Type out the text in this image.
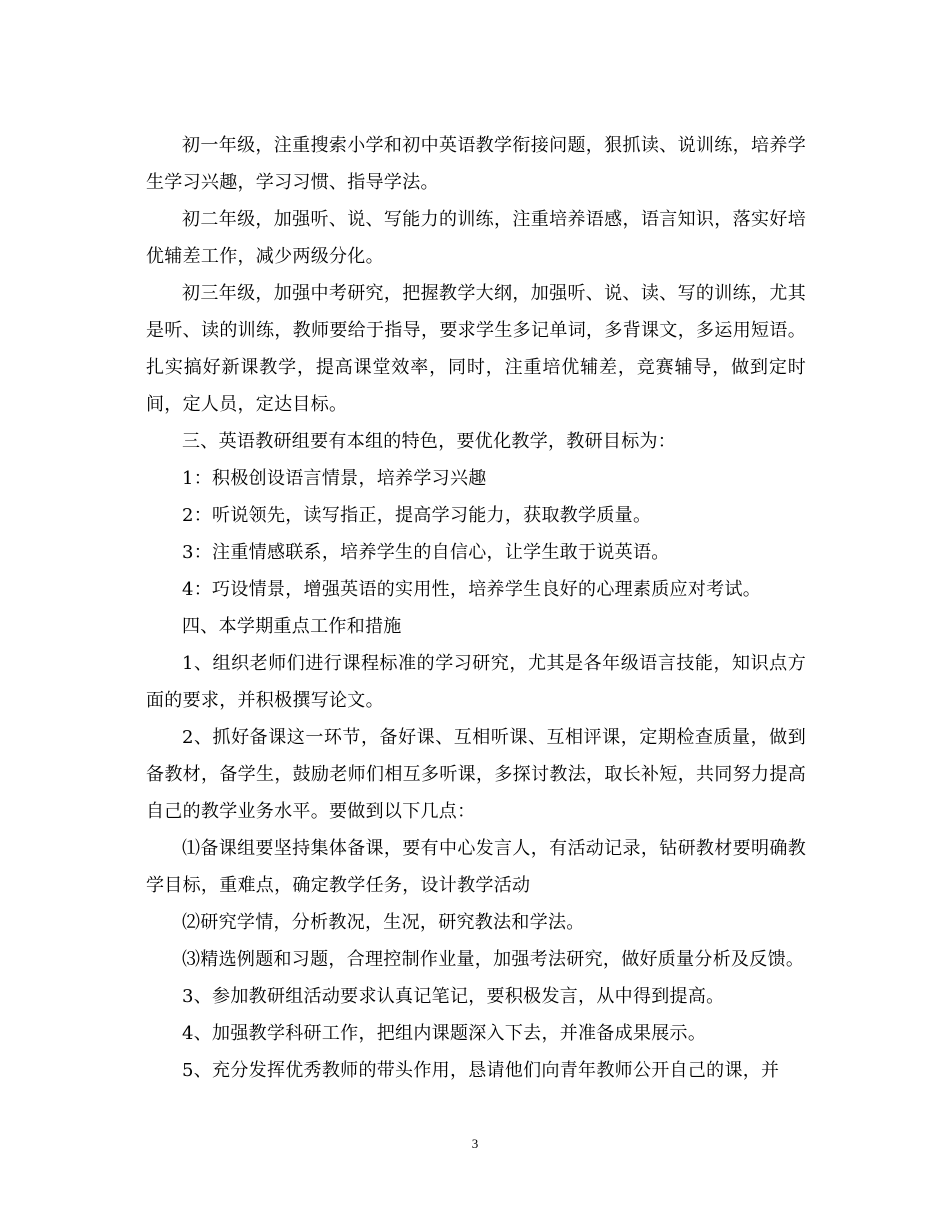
初一年级，注重搜索小学和初中英语教学衔接问题，狠抓读、说训练，培养学生学习兴趣，学习习惯、指导学法。

初二年级，加强听、说、写能力的训练，注重培养语感，语言知识，落实好培优辅差工作，减少两级分化。

初三年级，加强中考研究，把握教学大纲，加强听、说、读、写的训练，尤其是听、读的训练，教师要给于指导，要求学生多记单词，多背课文，多运用短语。扎实搞好新课教学，提高课堂效率，同时，注重培优辅差，竞赛辅导，做到定时间，定人员，定达目标。

三、英语教研组要有本组的特色，要优化教学，教研目标为：

1：积极创设语言情景，培养学习兴趣

2：听说领先，读写指正，提高学习能力，获取教学质量。

3：注重情感联系，培养学生的自信心，让学生敢于说英语。

4：巧设情景，增强英语的实用性，培养学生良好的心理素质应对考试。

四、本学期重点工作和措施

1、组织老师们进行课程标准的学习研究，尤其是各年级语言技能，知识点方面的要求，并积极撰写论文。

2、抓好备课这一环节，备好课、互相听课、互相评课，定期检查质量，做到备教材，备学生，鼓励老师们相互多听课，多探讨教法，取长补短，共同努力提高自己的教学业务水平。要做到以下几点：

⑴备课组要坚持集体备课，要有中心发言人，有活动记录，钻研教材要明确教学目标，重难点，确定教学任务，设计教学活动

⑵研究学情，分析教况，生况，研究教法和学法。

⑶精选例题和习题，合理控制作业量，加强考法研究，做好质量分析及反馈。

3、参加教研组活动要求认真记笔记，要积极发言，从中得到提高。

4、加强教学科研工作，把组内课题深入下去，并准备成果展示。

5、充分发挥优秀教师的带头作用，恳请他们向青年教师公开自己的课，并

3
